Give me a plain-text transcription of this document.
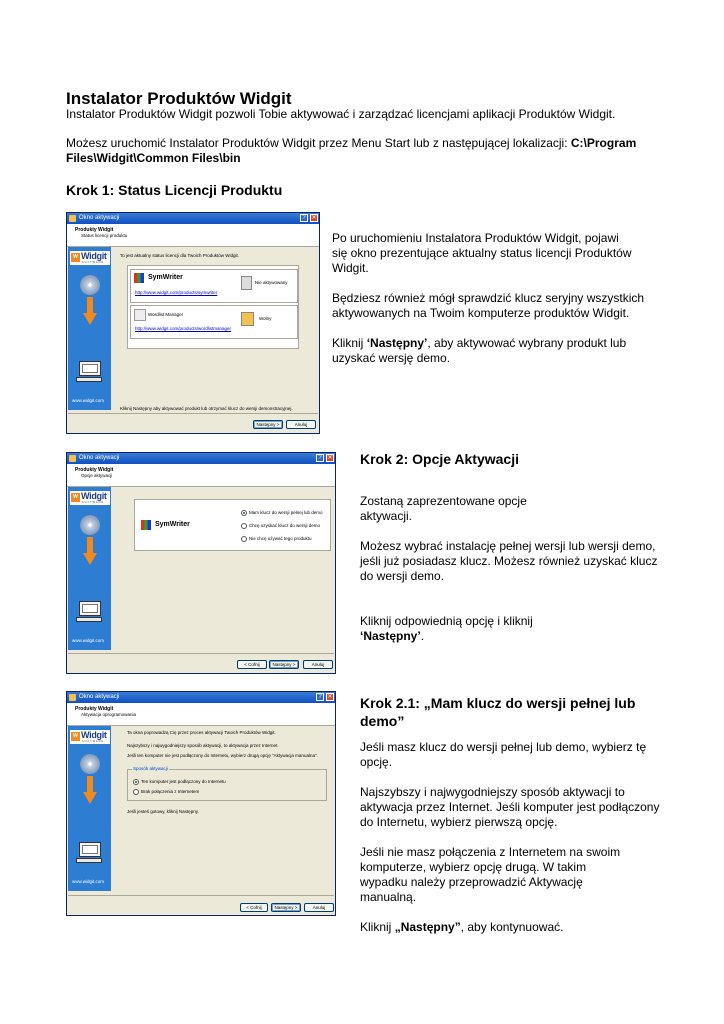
Instalator Produktów Widgit
Instalator Produktów Widgit pozwoli Tobie aktywować i zarządzać licencjami aplikacji Produktów Widgit.
Możesz uruchomić Instalator Produktów Widgit przez Menu Start lub z następującej lokalizacji: C:\Program Files\Widgit\Common Files\bin
Krok 1: Status Licencji Produktu
Okno aktywacji	? ✕
Produkty Widgit
Status licencji produktu
W Widgit
SOFTWARE
www.widgit.com
To jest aktualny status licencji dla Twoich Produktów Widgit.
SymWriter
http://www.widgit.com/products/symwriter
Nie aktywowany
Wordlist Manager
http://www.widgit.com/products/wordlistmanager
Wolny
Kliknij Następny aby aktywować produkt lub otrzymać klucz do wersji demonstracyjnej.
Następny >	Anuluj
Po uruchomieniu Instalatora Produktów Widgit, pojawi się okno prezentujące aktualny status licencji Produktów Widgit.
Będziesz również mógł sprawdzić klucz seryjny wszystkich aktywowanych na Twoim komputerze produktów Widgit.
Kliknij ‘Następny’, aby aktywować wybrany produkt lub uzyskać wersję demo.
Okno aktywacji	? ✕
Produkty Widgit
Opcje aktywacji
W Widgit
SOFTWARE
www.widgit.com
SymWriter
Mam klucz do wersji pełnej lub demo
Chcę uzyskać klucz do wersji demo
Nie chcę używać tego produktu
< Cofnij	Następny >	Anuluj
Krok 2: Opcje Aktywacji
Zostaną zaprezentowane opcje aktywacji.
Możesz wybrać instalację pełnej wersji lub wersji demo, jeśli już posiadasz klucz. Możesz również uzyskać klucz do wersji demo.
Kliknij odpowiednią opcję i kliknij ‘Następny’.
Okno aktywacji	? ✕
Produkty Widgit
Aktywacja oprogramowania
W Widgit
SOFTWARE
www.widgit.com
Ta okna poprowadzą Cię przez proces aktywacji Twoich Produktów Widgit.
Najszybszy i najwygodniejszy sposób aktywacji, to aktywacja przez Internet.
Jeśli ten komputer nie jest podłączony do Internetu, wybierz drugą opcję "Aktywacja manualna".
Sposób aktywacji
Ten komputer jest podłączony do Internetu
Brak połączenia z Internetem
Jeśli jesteś gotowy, kliknij Następny.
< Cofnij	Następny >	Anuluj
Krok 2.1: „Mam klucz do wersji pełnej lub demo”
Jeśli masz klucz do wersji pełnej lub demo, wybierz tę opcję.
Najszybszy i najwygodniejszy sposób aktywacji to aktywacja przez Internet. Jeśli komputer jest podłączony do Internetu, wybierz pierwszą opcję.
Jeśli nie masz połączenia z Internetem na swoim komputerze, wybierz opcję drugą. W takim wypadku należy przeprowadzić Aktywację manualną.
Kliknij „Następny”, aby kontynuować.
